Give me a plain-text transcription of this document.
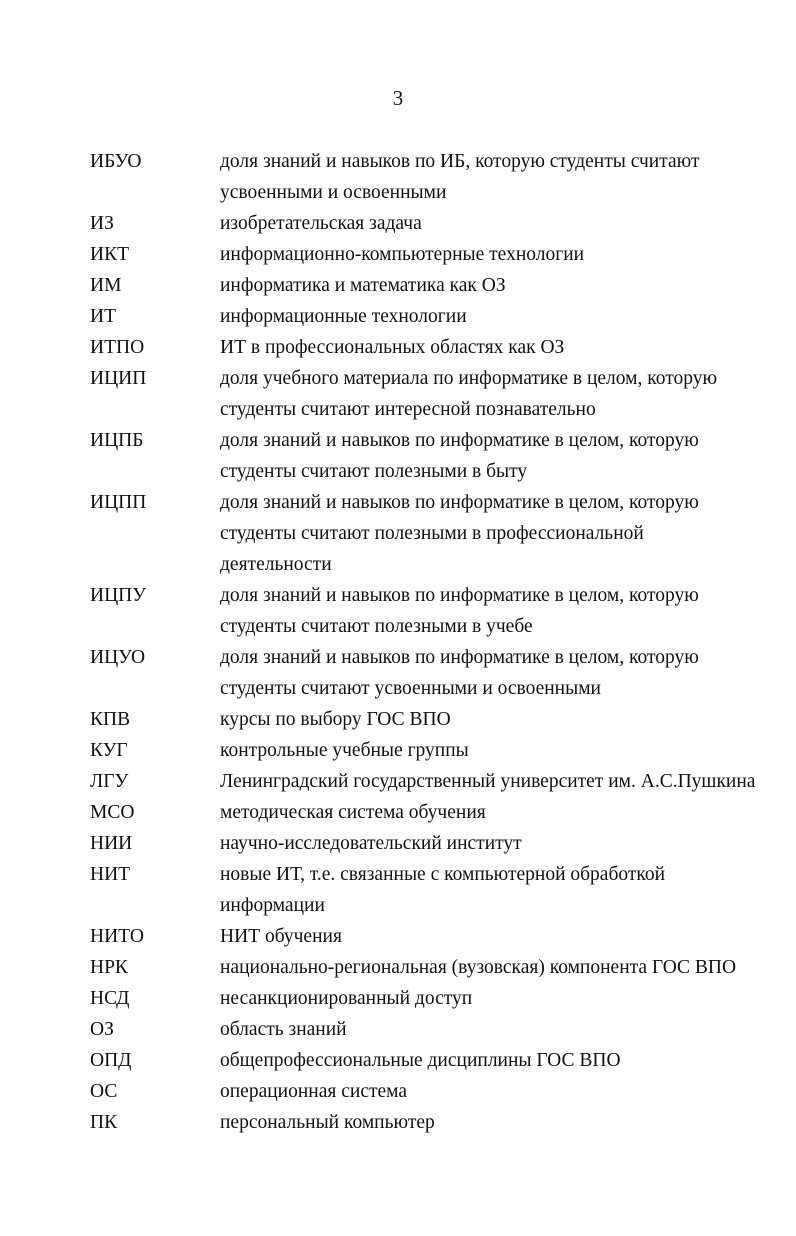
3
ИБУО	доля знаний и навыков по ИБ, которую студенты считают
усвоенными и освоенными
ИЗ	изобретательская задача
ИКТ	информационно-компьютерные технологии
ИМ	информатика и математика как ОЗ
ИТ	информационные технологии
ИТПО	ИТ в профессиональных областях как ОЗ
ИЦИП	доля учебного материала по информатике в целом, которую
студенты считают интересной познавательно
ИЦПБ	доля знаний и навыков по информатике в целом, которую
студенты считают полезными в быту
ИЦПП	доля знаний и навыков по информатике в целом, которую
студенты считают полезными в профессиональной
деятельности
ИЦПУ	доля знаний и навыков по информатике в целом, которую
студенты считают полезными в учебе
ИЦУО	доля знаний и навыков по информатике в целом, которую
студенты считают усвоенными и освоенными
КПВ	курсы по выбору ГОС ВПО
КУГ	контрольные учебные группы
ЛГУ	Ленинградский государственный университет им. А.С.Пушкина
МСО	методическая система обучения
НИИ	научно-исследовательский институт
НИТ	новые ИТ, т.е. связанные с компьютерной обработкой
информации
НИТО	НИТ обучения
НРК	национально-региональная (вузовская) компонента ГОС ВПО
НСД	несанкционированный доступ
ОЗ	область знаний
ОПД	общепрофессиональные дисциплины ГОС ВПО
ОС	операционная система
ПК	персональный компьютер
